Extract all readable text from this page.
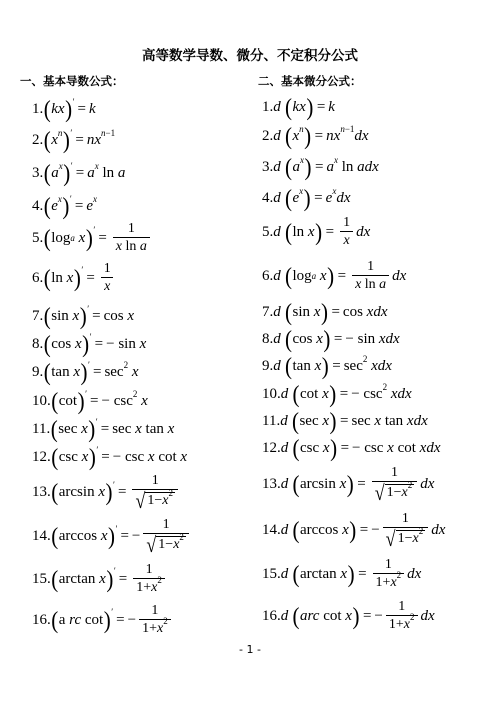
高等数学导数、微分、不定积分公式
一、基本导数公式：	二、基本微分公式：
1. ( kx )′ = k
2. ( x $^n$ )′ = nx $^{n-1}$
3. ( a $^x$ )′ = a $^x$ ln a
4. ( e $^x$ )′ = e $^x$
5. ( log a
x )$' = \frac{1}{\text{x ln a}}$
6. ( ln x )$' = \frac{1}{x}$
7. ( sin x )′ = cos x
8. ( cos x )′ = − sin x
9. ( tan x )$' = \sec^2$
x
10. ( cot )′ = − $\csc^2$
x
11. ( sec x )′ = sec x tan x
12. ( csc x )′ = − csc x cot x
13. ( arcsin x )$' = \frac{1}{√ 1-x^2}$
14. ( arccos x )′ = − $\frac{1}{√ 1-x^2}$
15. ( arctan x )$' = \frac{1}{1+x^2}$
16. ( a rc cot )′ = − $\frac{1}{1+x^2}$
1. d
( kx ) = k
2. d
( x $^n$ ) = nx $^{n-1}$ dx
3. d
( a $^x$ ) = a $^x$ ln adx
4. d
( e $^x$ ) = e $^x$ dx
5. d
( ln x ) = $\frac{1}{x}$ dx
6. d
( log a
x ) = $\frac{1}{\text{x ln a}}$ dx
7. d
( sin x ) = cos xdx
8. d
( cos x ) = − sin xdx
9. d
( tan x ) = $\sec^2$
xdx
10. d
( cot x ) = − $\csc^2$
xdx
11. d
( sec x ) = sec x tan xdx
12. d
( csc x ) = − csc x cot xdx
13. d
( arcsin x ) = $\frac{1}{√ 1-x^2}$ dx
14. d
( arccos x ) = − $\frac{1}{√ 1-x^2}$ dx
15. d
( arctan x ) = $\frac{1}{1+x^2}$ dx
16. d
( arc cot x ) = − $\frac{1}{1+x^2}$ dx
- 1 -
